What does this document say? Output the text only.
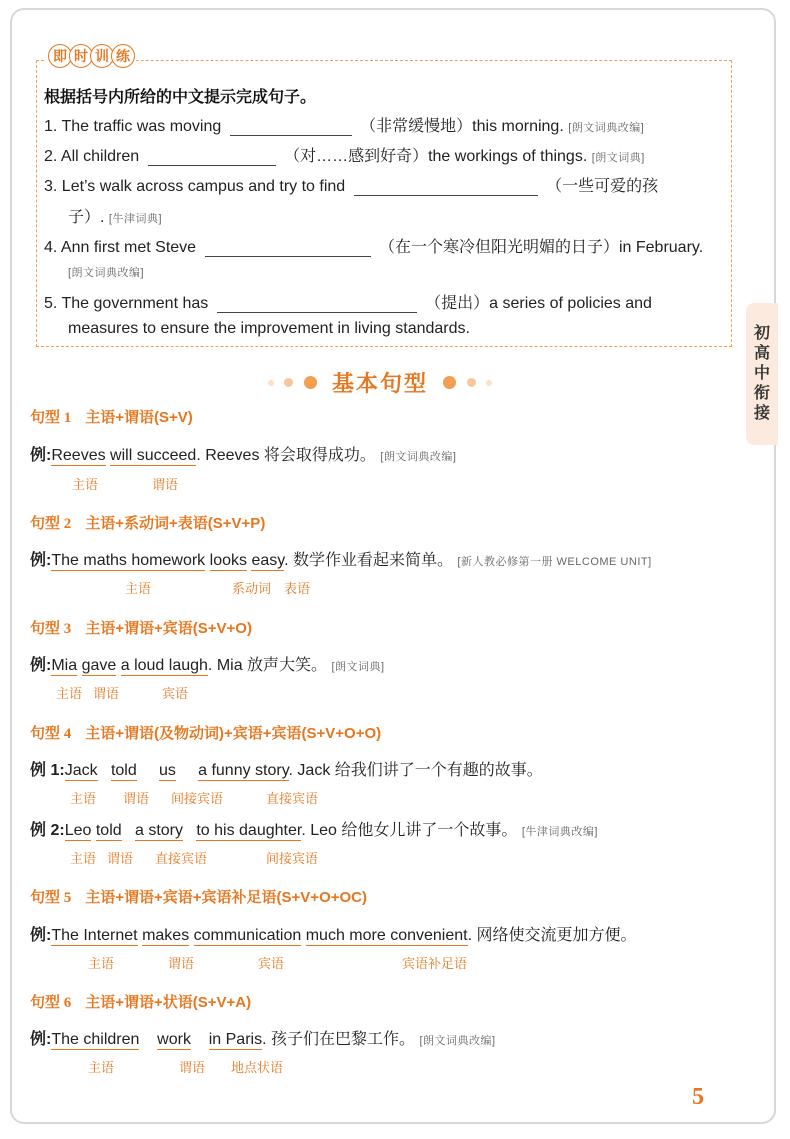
即 时 训 练
根据括号内所给的中文提示完成句子。
1. The traffic was moving	（非常缓慢地）this morning. [朗文词典改编]
2. All children	（对……感到好奇）the workings of things. [朗文词典]
3. Let’s walk across campus and try to find	（一些可爱的孩
子）. [牛津词典]
4. Ann first met Steve	（在一个寒冷但阳光明媚的日子）in February.
[朗文词典改编]
5. The government has	（提出）a series of policies and
measures to ensure the improvement in living standards.	初
高
中
衔
接
基本句型
句型 1 主语+谓语(S+V)
例:Reeves will succeed. Reeves 将会取得成功。 [朗文词典改编]
主语	谓语
句型 2 主语+系动词+表语(S+V+P)
例:The maths homework looks easy. 数学作业看起来简单。 [新人教必修第一册 WELCOME UNIT]
主语	系动词 表语
句型 3 主语+谓语+宾语(S+V+O)
例:Mia gave a loud laugh. Mia 放声大笑。 [朗文词典]
主语 谓语	宾语
句型 4 主语+谓语(及物动词)+宾语+宾语(S+V+O+O)
例 1:Jack told us a funny story. Jack 给我们讲了一个有趣的故事。
主语 谓语 间接宾语	直接宾语
例 2:Leo told a story to his daughter. Leo 给他女儿讲了一个故事。 [牛津词典改编]
主语 谓语 直接宾语	间接宾语
句型 5 主语+谓语+宾语+宾语补足语(S+V+O+OC)
例:The Internet makes communication much more convenient. 网络使交流更加方便。
主语	谓语	宾语	宾语补足语
句型 6 主语+谓语+状语(S+V+A)
例:The children work in Paris. 孩子们在巴黎工作。 [朗文词典改编]
主语	谓语 地点状语
5
